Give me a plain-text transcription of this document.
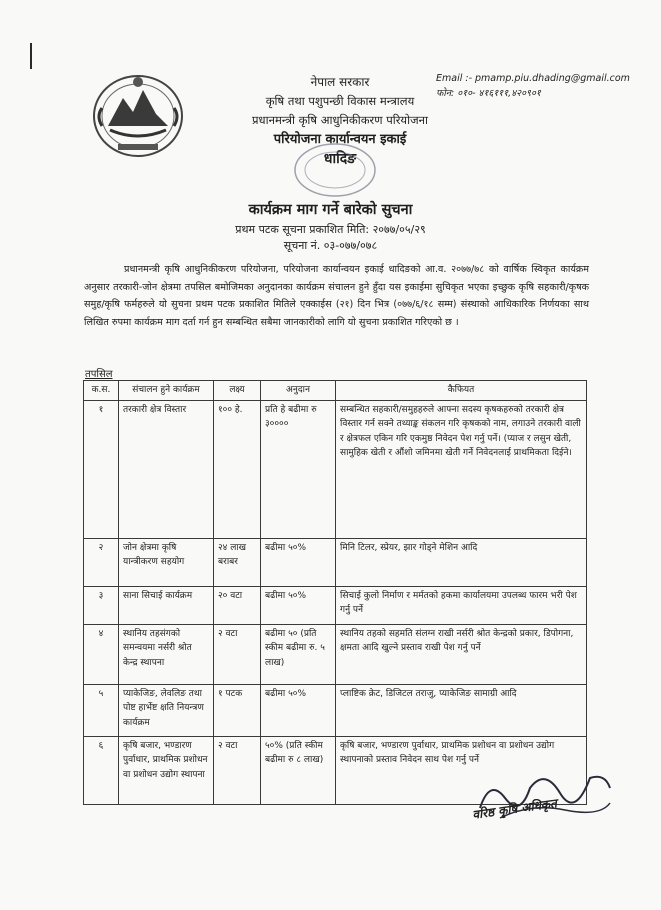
नेपाल सरकार
कृषि तथा पशुपन्छी विकास मन्त्रालय
प्रधानमन्त्री कृषि आधुनिकीकरण परियोजना
परियोजना कार्यान्वयन इकाई
धादिङ
Email :- pmamp.piu.dhading@gmail.com
फोन: ०१०- ४१६१११,४२०९०१
कार्यक्रम माग गर्ने बारेको सुचना
प्रथम पटक सूचना प्रकाशित मिति: २०७७/०५/२९
सूचना नं. ०३-०७७/०७८
प्रधानमन्त्री कृषि आधुनिकीकरण परियोजना, परियोजना कार्यान्वयन इकाई धादिङको आ.व. २०७७/७८ को वार्षिक स्विकृत कार्यक्रम अनुसार तरकारी-जोन क्षेत्रमा तपसिल बमोजिमका अनुदानका कार्यक्रम संचालन हुने हुँदा यस इकाईमा सुचिकृत भएका इच्छुक कृषि सहकारी/कृषक समुह/कृषि फर्महरुले यो सुचना प्रथम पटक प्रकाशित मितिले एक्काईस (२१) दिन भित्र (०७७/६/१८ सम्म) संस्थाको आधिकारिक निर्णयका साथ लिखित रुपमा कार्यक्रम माग दर्ता गर्न हुन सम्बन्धित सबैमा जानकारीको लागि यो सुचना प्रकाशित गरिएको छ ।
तपसिल
क.स.	संचालन हुने कार्यक्रम	लक्ष्य	अनुदान	कैफियत
१	तरकारी क्षेत्र विस्तार	१०० हे.	प्रति हे बढीमा रु ३००००	सम्बन्धित सहकारी/समुहहरुले आफ्ना सदस्य कृषकहरुको तरकारी क्षेत्र विस्तार गर्न सक्ने तथ्याङ्क संकलन गरि कृषकको नाम, लगाउने तरकारी वाली र क्षेत्रफल एकिन गरि एकमुष्ठ निवेदन पेश गर्नु पर्ने। (प्याज र लसुन खेती, सामुहिक खेती र औंशो जमिनमा खेती गर्ने निवेदनलाई प्राथमिकता दिईने।
२	जोन क्षेत्रमा कृषि यान्त्रीकरण सहयोग	२४ लाख बराबर	बढीमा ५०%	मिनि टिलर, स्प्रेयर, झार गोड्ने मेशिन आदि
३	साना सिचाई कार्यक्रम	२० वटा	बढीमा ५०%	सिचाई कुलो निर्माण र मर्मतको हकमा कार्यालयमा उपलब्ध फारम भरी पेश गर्नु पर्ने
४	स्थानिय तहसंगको समन्वयमा नर्सरी श्रोत केन्द्र स्थापना	२ वटा	बढीमा ५० (प्रति स्कीम बढीमा रु. ५ लाख)	स्थानिय तहको सहमति संलग्न राखी नर्सरी श्रोत केन्द्रको प्रकार, डिपोगना, क्षमता आदि खुल्ने प्रस्ताव राखी पेश गर्नु पर्ने
५	प्याकेजिङ, लेवलिङ तथा पोष्ट हार्भेष्ट क्षति नियन्त्रण कार्यक्रम	१ पटक	बढीमा ५०%	प्लाष्टिक क्रेट, डिजिटल तराजु, प्याकेजिङ सामाग्री आदि
६	कृषि बजार, भण्डारण पुर्वाधार, प्राथमिक प्रशोधन वा प्रशोधन उद्योग स्थापना	२ वटा	५०% (प्रति स्कीम बढीमा रु ८ लाख)	कृषि बजार, भण्डारण पुर्वाधार, प्राथमिक प्रशोधन वा प्रशोधन उद्योग स्थापनाको प्रस्ताव निवेदन साथ पेश गर्नु पर्ने
वरिष्ठ कृषि अधिकृत
